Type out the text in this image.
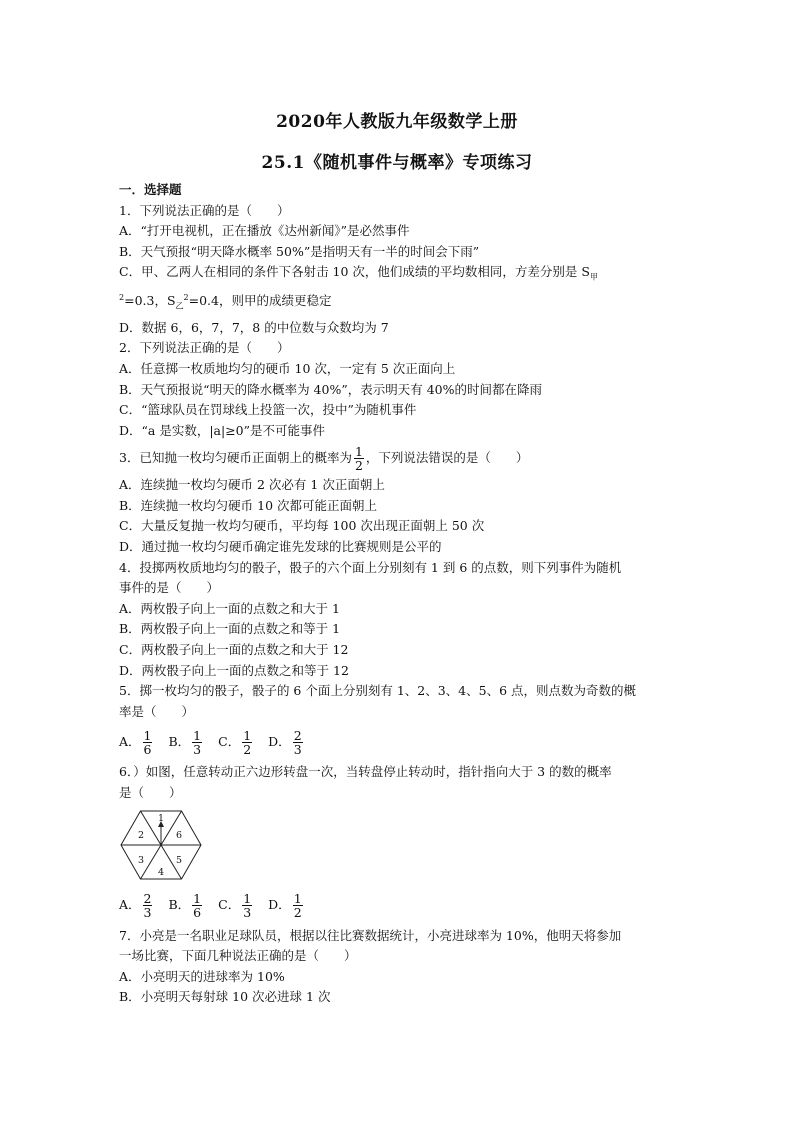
2020年人教版九年级数学上册
25.1《随机事件与概率》专项练习
一．选择题
1．下列说法正确的是（　　）
A．“打开电视机，正在播放《达州新闻》”是必然事件
B．天气预报“明天降水概率 50%”是指明天有一半的时间会下雨”
C．甲、乙两人在相同的条件下各射击 10 次，他们成绩的平均数相同，方差分别是 $S_甲$
$^2$=0.3，$S_乙^2=0.4$，则甲的成绩更稳定
D．数据 6，6，7，7，8 的中位数与众数均为 7
2．下列说法正确的是（　　）
A．任意掷一枚质地均匀的硬币 10 次，一定有 5 次正面向上
B．天气预报说“明天的降水概率为 40%”，表示明天有 40%的时间都在降雨
C．“篮球队员在罚球线上投篮一次，投中”为随机事件
D．“a 是实数，|a|≥0”是不可能事件
3．已知抛一枚均匀硬币正面朝上的概率为 $\frac{1}{2}$ ，下列说法错误的是（　　）
A．连续抛一枚均匀硬币 2 次必有 1 次正面朝上
B．连续抛一枚均匀硬币 10 次都可能正面朝上
C．大量反复抛一枚均匀硬币，平均每 100 次出现正面朝上 50 次
D．通过抛一枚均匀硬币确定谁先发球的比赛规则是公平的
4．投掷两枚质地均匀的骰子，骰子的六个面上分别刻有 1 到 6 的点数，则下列事件为随机
事件的是（　　）
A．两枚骰子向上一面的点数之和大于 1
B．两枚骰子向上一面的点数之和等于 1
C．两枚骰子向上一面的点数之和大于 12
D．两枚骰子向上一面的点数之和等于 12
5．掷一枚均匀的骰子，骰子的 6 个面上分别刻有 1、2、3、4、5、6 点，则点数为奇数的概
率是（　　）
A． $\frac{1}{6}$ B． $\frac{1}{3}$ C． $\frac{1}{2}$ D． $\frac{2}{3}$
6．）如图，任意转动正六边形转盘一次，当转盘停止转动时，指针指向大于 3 的数的概率
是（　　）
1
6
5
4
3
2
A． $\frac{2}{3}$ B． $\frac{1}{6}$ C． $\frac{1}{3}$ D． $\frac{1}{2}$
7．小亮是一名职业足球队员，根据以往比赛数据统计，小亮进球率为 10%，他明天将参加
一场比赛，下面几种说法正确的是（　　）
A．小亮明天的进球率为 10%
B．小亮明天每射球 10 次必进球 1 次
